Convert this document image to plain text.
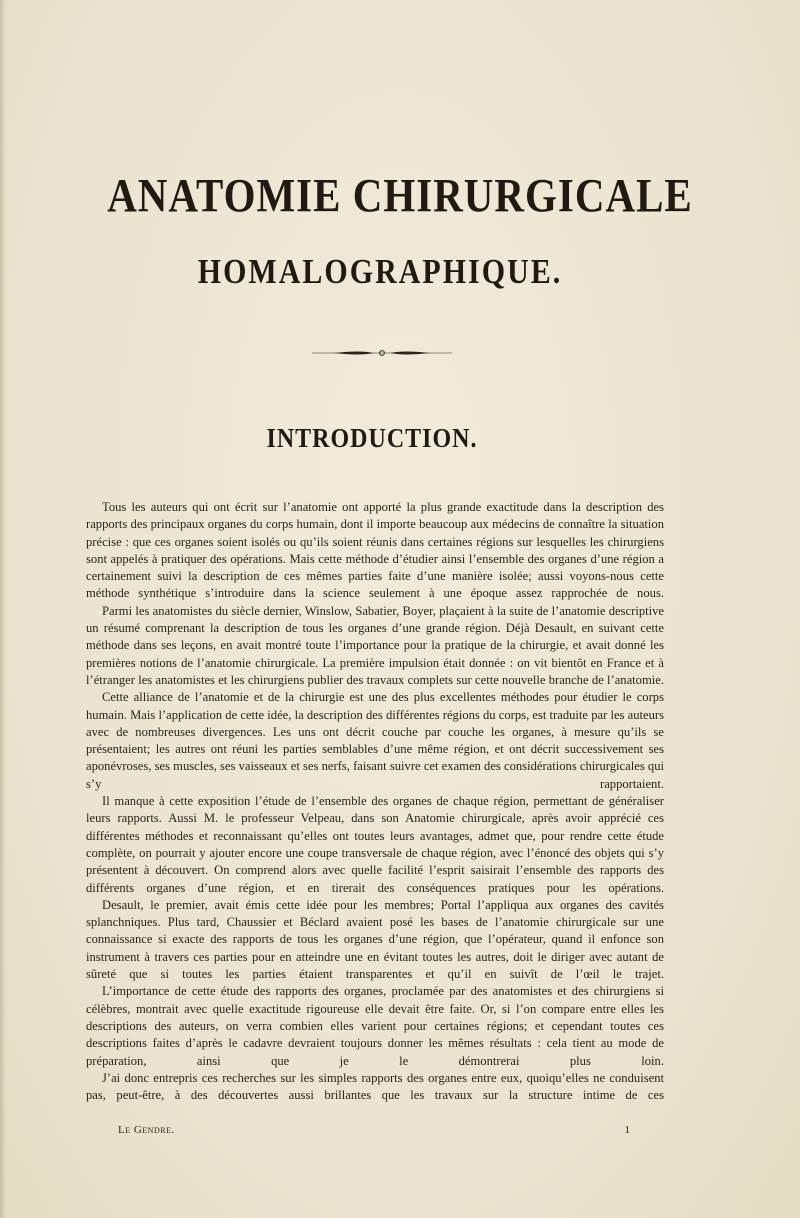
ANATOMIE CHIRURGICALE
HOMALOGRAPHIQUE.
INTRODUCTION.

Tous les auteurs qui ont écrit sur l’anatomie ont apporté la plus grande exactitude dans la description des rapports des principaux organes du corps humain, dont il importe beaucoup aux médecins de connaître la situation précise : que ces organes soient isolés ou qu’ils soient réunis dans certaines régions sur lesquelles les chirurgiens sont appelés à pratiquer des opérations. Mais cette méthode d’étudier ainsi l’ensemble des organes d’une région a certainement suivi la description de ces mêmes parties faite d’une manière isolée; aussi voyons-nous cette méthode synthétique s’introduire dans la science seulement à une époque assez rapprochée de nous.

Parmi les anatomistes du siècle dernier, Winslow, Sabatier, Boyer, plaçaient à la suite de l’anatomie descriptive un résumé comprenant la description de tous les organes d’une grande région. Déjà Desault, en suivant cette méthode dans ses leçons, en avait montré toute l’importance pour la pratique de la chirurgie, et avait donné les premières notions de l’anatomie chirurgicale. La première impulsion était donnée : on vit bientôt en France et à l’étranger les anatomistes et les chirurgiens publier des travaux complets sur cette nouvelle branche de l’anatomie.

Cette alliance de l’anatomie et de la chirurgie est une des plus excellentes méthodes pour étudier le corps humain. Mais l’application de cette idée, la description des différentes régions du corps, est traduite par les auteurs avec de nombreuses divergences. Les uns ont décrit couche par couche les organes, à mesure qu’ils se présentaient; les autres ont réuni les parties semblables d’une même région, et ont décrit successivement ses aponévroses, ses muscles, ses vaisseaux et ses nerfs, faisant suivre cet examen des considérations chirurgicales qui s’y rapportaient.

Il manque à cette exposition l’étude de l’ensemble des organes de chaque région, permettant de généraliser leurs rapports. Aussi M. le professeur Velpeau, dans son Anatomie chirurgicale, après avoir apprécié ces différentes méthodes et reconnaissant qu’elles ont toutes leurs avantages, admet que, pour rendre cette étude complète, on pourrait y ajouter encore une coupe transversale de chaque région, avec l’énoncé des objets qui s’y présentent à découvert. On comprend alors avec quelle facilité l’esprit saisirait l’ensemble des rapports des différents organes d’une région, et en tirerait des conséquences pratiques pour les opérations.

Desault, le premier, avait émis cette idée pour les membres; Portal l’appliqua aux organes des cavités splanchniques. Plus tard, Chaussier et Béclard avaient posé les bases de l’anatomie chirurgicale sur une connaissance si exacte des rapports de tous les organes d’une région, que l’opérateur, quand il enfonce son instrument à travers ces parties pour en atteindre une en évitant toutes les autres, doit le diriger avec autant de sûreté que si toutes les parties étaient transparentes et qu’il en suivît de l’œil le trajet.

L’importance de cette étude des rapports des organes, proclamée par des anatomistes et des chirurgiens si célèbres, montrait avec quelle exactitude rigoureuse elle devait être faite. Or, si l’on compare entre elles les descriptions des auteurs, on verra combien elles varient pour certaines régions; et cependant toutes ces descriptions faites d’après le cadavre devraient toujours donner les mêmes résultats : cela tient au mode de préparation, ainsi que je le démontrerai plus loin.

J’ai donc entrepris ces recherches sur les simples rapports des organes entre eux, quoiqu’elles ne conduisent pas, peut-être, à des découvertes aussi brillantes que les travaux sur la structure intime de ces

Le Gendre.	1
